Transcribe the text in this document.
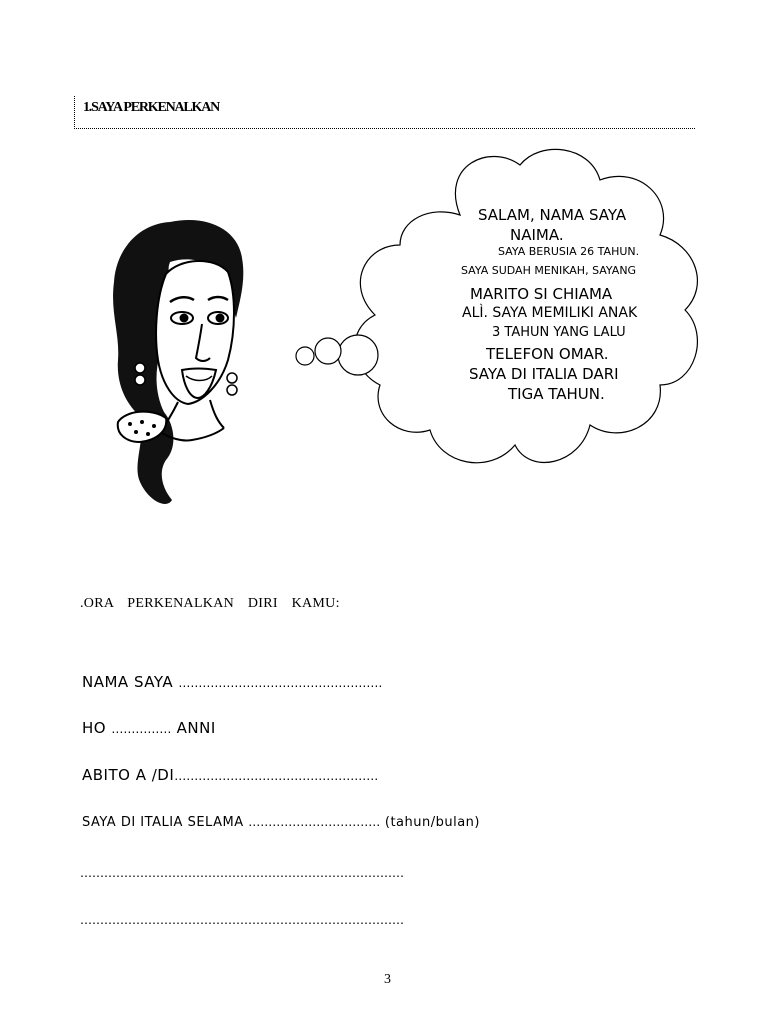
1.SAYA PERKENALKAN
SALAM, NAMA SAYA
NAIMA.
SAYA BERUSIA 26 TAHUN.
SAYA SUDAH MENIKAH, SAYANG
MARITO SI CHIAMA
ALÌ. SAYA MEMILIKI ANAK
3 TAHUN YANG LALU
TELEFON OMAR.
SAYA DI ITALIA DARI
TIGA TAHUN.
.ORA PERKENALKAN DIRI KAMU:
NAMA SAYA ……………………………………………
HO …………… ANNI
ABITO A /DI……………………………………………
SAYA DI ITALIA SELAMA …………………………… (tahun/bulan)
………………………………………………………………………
………………………………………………………………………
3
